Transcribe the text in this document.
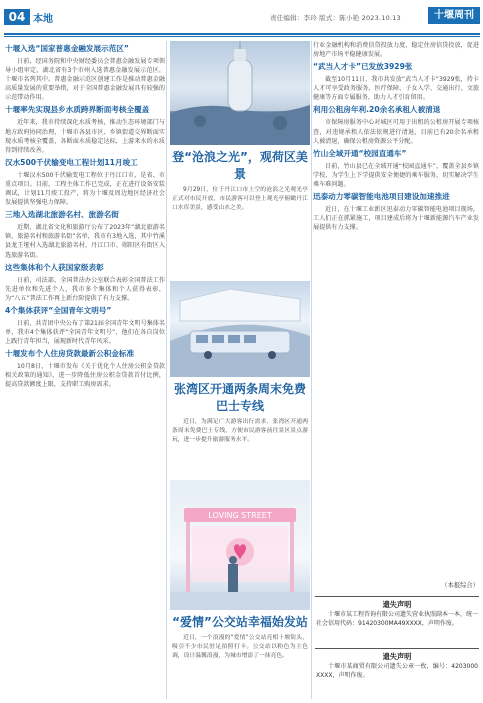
04 本地	责任编辑：李玲 版式：陈小艳 2023.10.13	十堰周刊
十堰入选“国家普惠金融发展示范区”

日前，经国务院和中央财经委员会普惠金融发展专项领导小组审定，湖北省有3个市州入选普惠金融发展示范区，十堰市名列其中。普惠金融示范区创建工作是推动普惠金融高质量发展的重要举措，对于全国普惠金融发展具有较强的示范带动作用。

十堰率先实现县乡水质跨界断面考核全覆盖

近年来，我市持续深化水质考核，推动生态环境部门与地方政府协同治理，十堰市各县市区、乡镇街道交界断面实现水质考核全覆盖，各断面水质稳定达标，上游来水的水质得到持续改善。

汉水500千伏输变电工程计划11月竣工

十堰汉水500千伏输变电工程位于丹江口市，是省、市重点项目。目前，工程主体工作已完成，正在进行设备安装调试，计划11月竣工投产，将为十堰及周边地区经济社会发展提供坚强电力保障。

三地入选湖北旅游名村、旅游名街

近期，湖北省文化和旅游厅公布了2023年“湖北旅游名镇、旅游名村和旅游名街”名单，我市有3地入选，其中竹溪县龙王垭村入选湖北旅游名村，丹江口市、郧阳区有街区入选旅游名街。

这些集体和个人获国家级表彰

日前，司法部、全国普法办公室联合表彰全国普法工作先进单位和先进个人，我市多个集体和个人获得表彰，为“八五”普法工作再上新台阶提供了有力支撑。

4个集体获评“全国青年文明号”

日前，共青团中央公布了第21届全国青年文明号集体名单，我市4个集体获评“全国青年文明号”，他们在各自岗位上践行青年担当，展现新时代青年风采。

十堰发布个人住房贷款最新公积金标准

10月8日，十堰市发布《关于优化个人住房公积金贷款相关政策的通知》，进一步降低住房公积金贷款首付比例，提高贷款额度上限，支持职工购房需求。

登“沧浪之光”，观荷区美景

9月29日，位于丹江口市上空的沧浪之光观光亭正式对市民开放，市民游客可以登上观光亭俯瞰丹江口水库美景，感受山水之美。

张湾区开通两条周末免费巴士专线

近日，为满足广大游客出行需求，张湾区开通两条周末免费巴士专线，方便市民游客前往景区景点游玩，进一步提升旅游服务水平。

LOVING STREET
“爱情”公交站幸福始发站

近日，一个浪漫的“爱情”公交站亮相十堰街头，吸引不少市民驻足拍照打卡。公交站以粉色为主色调，设计温馨浪漫，为城市增添了一抹亮色。

行业金融机构和消费信贷投放力度，稳定住房信贷投放，促进房地产市场平稳健康发展。

“武当人才卡”已发放3929张

截至10月11日，我市共发放“武当人才卡”3929张，持卡人才可享受政务服务、医疗保障、子女入学、交通出行、文旅健康等方面专属服务，助力人才引育留用。

利用公租房年利.20余名承租人被清退

市保障房服务中心对城区可用于出租的公租房开展专项核查，对违规承租人依法依规进行清退，目前已有20余名承租人被清退，确保公租房资源公平分配。

竹山全域开通“校园直通车”

目前，竹山县已在全域开通“校园直通车”，覆盖全县乡镇学校，为学生上下学提供安全便捷的乘车服务，切实解决学生乘车难问题。

迅泰动力零碳智能电池项目建设加速推进

近日，在十堰工业新区迅泰动力零碳智能电池项目现场，工人们正在抓紧施工，项目建成后将为十堰新能源汽车产业发展提供有力支撑。

（本报综合）
遗失声明

十堰市某工程咨询有限公司遗失营业执照副本一本，统一社会信用代码：91420300MA49XXXX，声明作废。

遗失声明

十堰市某商贸有限公司遗失公章一枚，编号：4203000XXXX，声明作废。
